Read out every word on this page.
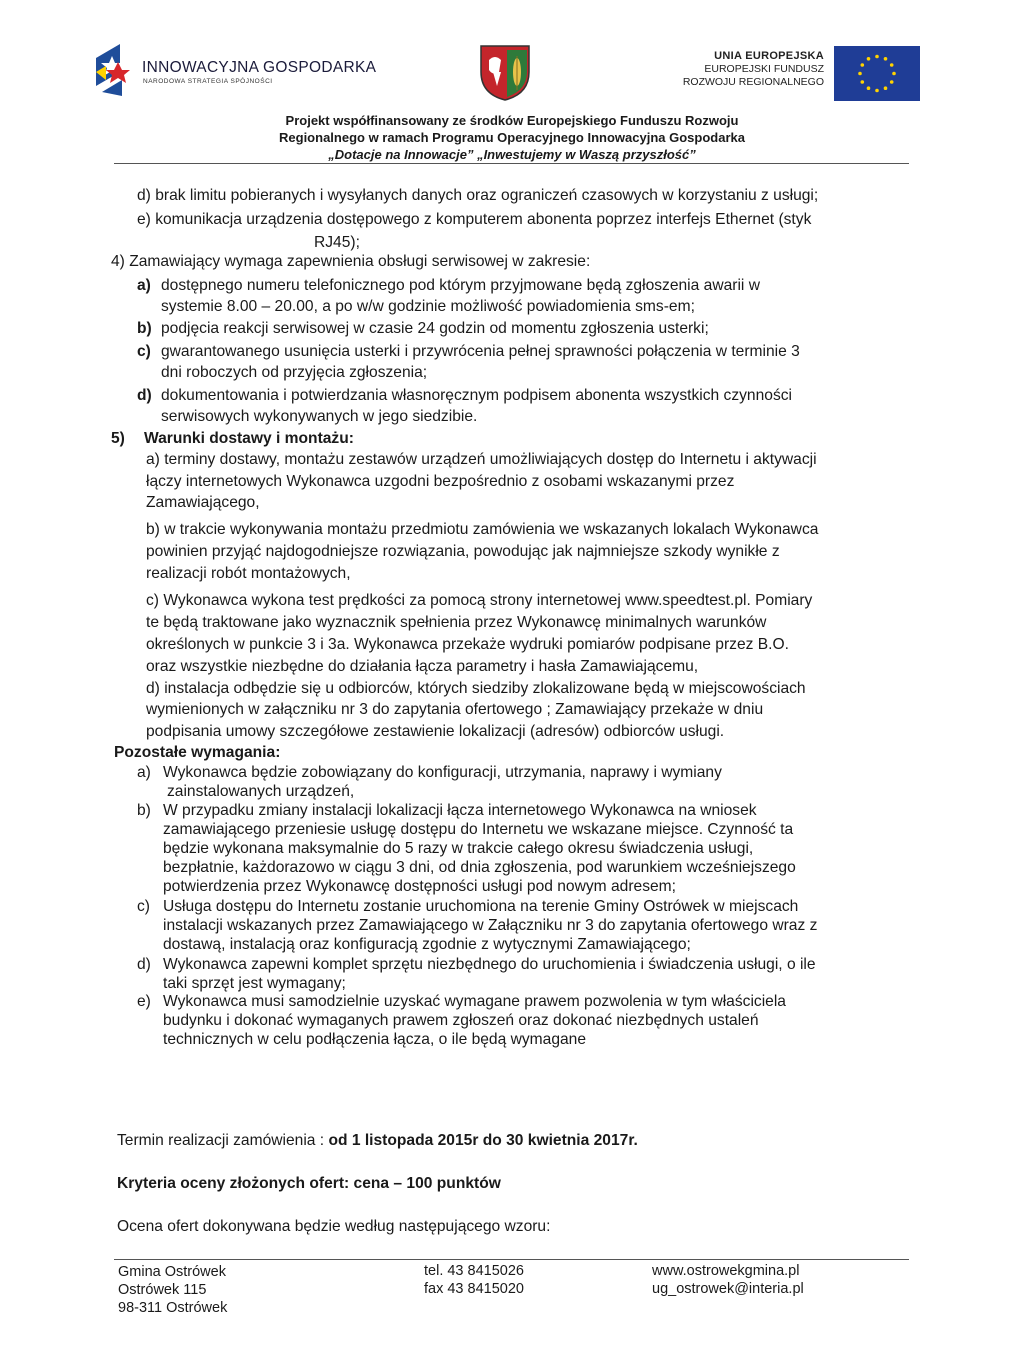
INNOWACYJNA GOSPODARKA
NARODOWA STRATEGIA SPÓJNOŚCI
UNIA EUROPEJSKA
EUROPEJSKI FUNDUSZ
ROZWOJU REGIONALNEGO
Projekt współfinansowany ze środków Europejskiego Funduszu Rozwoju
Regionalnego w ramach Programu Operacyjnego Innowacyjna Gospodarka
„Dotacje na Innowacje” „Inwestujemy w Waszą przyszłość”
d) brak limitu pobieranych i wysyłanych danych oraz ograniczeń czasowych w korzystaniu z usługi;
e) komunikacja urządzenia dostępowego z komputerem abonenta poprzez interfejs Ethernet (styk
RJ45);
4) Zamawiający wymaga zapewnienia obsługi serwisowej w zakresie:
a) dostępnego numeru telefonicznego pod którym przyjmowane będą zgłoszenia awarii w
systemie 8.00 – 20.00, a po w/w godzinie możliwość powiadomienia sms-em;
b) podjęcia reakcji serwisowej w czasie 24 godzin od momentu zgłoszenia usterki;
c) gwarantowanego usunięcia usterki i przywrócenia pełnej sprawności połączenia w terminie 3
dni roboczych od przyjęcia zgłoszenia;
d) dokumentowania i potwierdzania własnoręcznym podpisem abonenta wszystkich czynności
serwisowych wykonywanych w jego siedzibie.
5) Warunki dostawy i montażu:
a) terminy dostawy, montażu zestawów urządzeń umożliwiających dostęp do Internetu i aktywacji
łączy internetowych Wykonawca uzgodni bezpośrednio z osobami wskazanymi przez
Zamawiającego,
b) w trakcie wykonywania montażu przedmiotu zamówienia we wskazanych lokalach Wykonawca
powinien przyjąć najdogodniejsze rozwiązania, powodując jak najmniejsze szkody wynikłe z
realizacji robót montażowych,
c) Wykonawca wykona test prędkości za pomocą strony internetowej www.speedtest.pl. Pomiary
te będą traktowane jako wyznacznik spełnienia przez Wykonawcę minimalnych warunków
określonych w punkcie 3 i 3a. Wykonawca przekaże wydruki pomiarów podpisane przez B.O.
oraz wszystkie niezbędne do działania łącza parametry i hasła Zamawiającemu,
d) instalacja odbędzie się u odbiorców, których siedziby zlokalizowane będą w miejscowościach
wymienionych w załączniku nr 3 do zapytania ofertowego ; Zamawiający przekaże w dniu
podpisania umowy szczegółowe zestawienie lokalizacji (adresów) odbiorców usługi.
Pozostałe wymagania:
a) Wykonawca będzie zobowiązany do konfiguracji, utrzymania, naprawy i wymiany
zainstalowanych urządzeń,
b) W przypadku zmiany instalacji lokalizacji łącza internetowego Wykonawca na wniosek
zamawiającego przeniesie usługę dostępu do Internetu we wskazane miejsce. Czynność ta
będzie wykonana maksymalnie do 5 razy w trakcie całego okresu świadczenia usługi,
bezpłatnie, każdorazowo w ciągu 3 dni, od dnia zgłoszenia, pod warunkiem wcześniejszego
potwierdzenia przez Wykonawcę dostępności usługi pod nowym adresem;
c) Usługa dostępu do Internetu zostanie uruchomiona na terenie Gminy Ostrówek w miejscach
instalacji wskazanych przez Zamawiającego w Załączniku nr 3 do zapytania ofertowego wraz z
dostawą, instalacją oraz konfiguracją zgodnie z wytycznymi Zamawiającego;
d) Wykonawca zapewni komplet sprzętu niezbędnego do uruchomienia i świadczenia usługi, o ile
taki sprzęt jest wymagany;
e) Wykonawca musi samodzielnie uzyskać wymagane prawem pozwolenia w tym właściciela
budynku i dokonać wymaganych prawem zgłoszeń oraz dokonać niezbędnych ustaleń
technicznych w celu podłączenia łącza, o ile będą wymagane
Termin realizacji zamówienia : od 1 listopada 2015r do 30 kwietnia 2017r.
Kryteria oceny złożonych ofert: cena – 100 punktów
Ocena ofert dokonywana będzie według następującego wzoru:
Gmina Ostrówek
Ostrówek 115
98-311 Ostrówek
tel. 43 8415026
fax 43 8415020
www.ostrowekgmina.pl
ug_ostrowek@interia.pl
